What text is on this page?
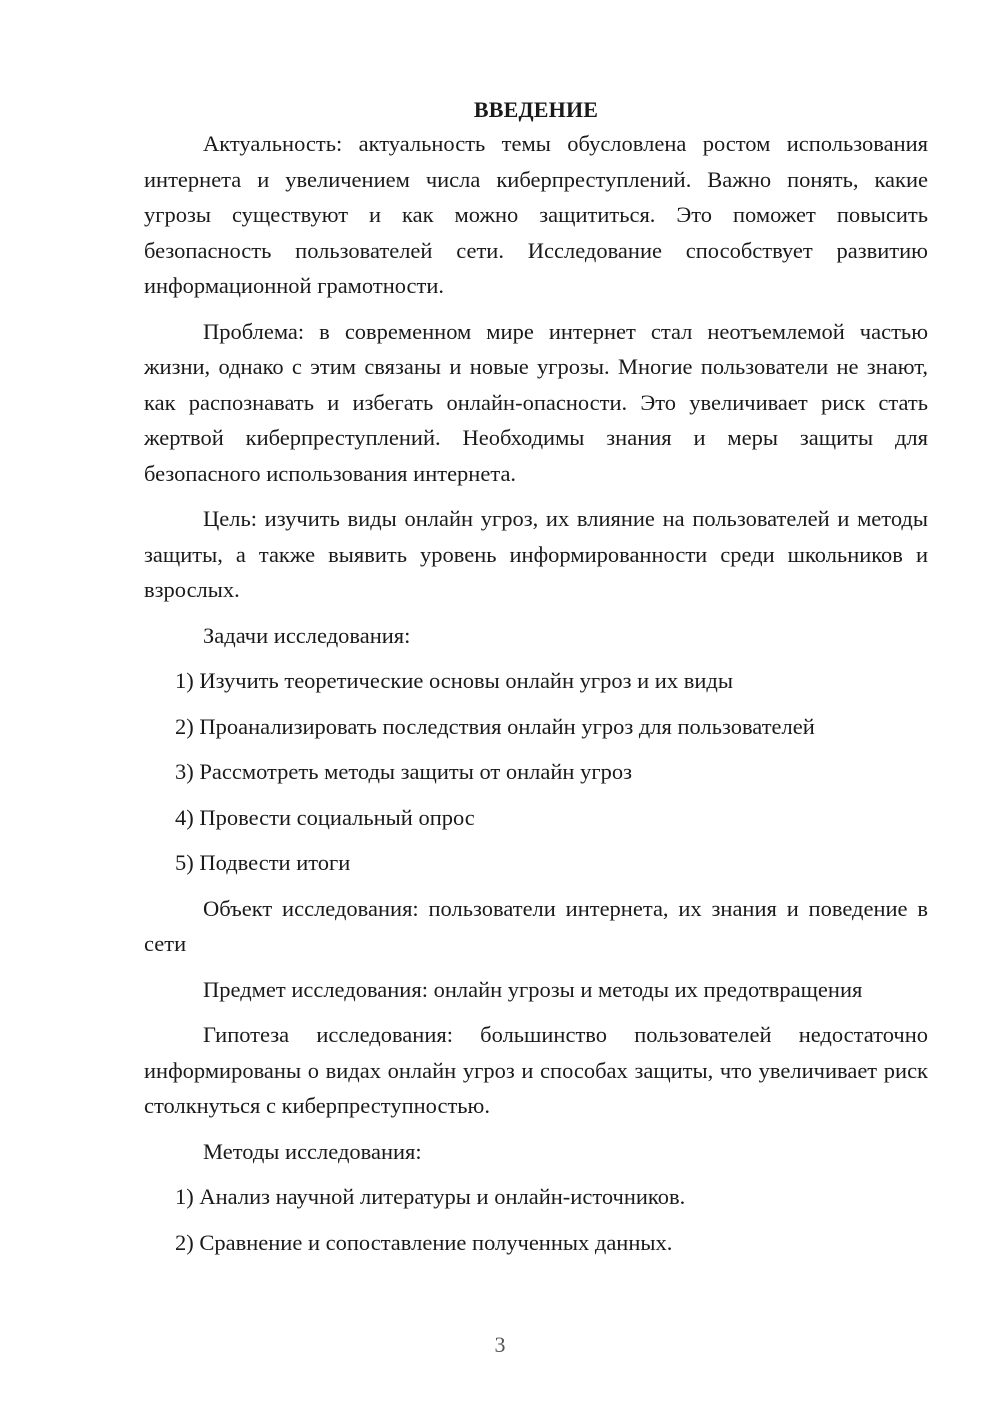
ВВЕДЕНИЕ

Актуальность: актуальность темы обусловлена ростом использования интернета и увеличением числа киберпреступлений. Важно понять, какие угрозы существуют и как можно защититься. Это поможет повысить безопасность пользователей сети. Исследование способствует развитию информационной грамотности.

Проблема: в современном мире интернет стал неотъемлемой частью жизни, однако с этим связаны и новые угрозы. Многие пользователи не знают, как распознавать и избегать онлайн-опасности. Это увеличивает риск стать жертвой киберпреступлений. Необходимы знания и меры защиты для безопасного использования интернета.

Цель: изучить виды онлайн угроз, их влияние на пользователей и методы защиты, а также выявить уровень информированности среди школьников и взрослых.

Задачи исследования:

1) Изучить теоретические основы онлайн угроз и их виды

2) Проанализировать последствия онлайн угроз для пользователей

3) Рассмотреть методы защиты от онлайн угроз

4) Провести социальный опрос

5) Подвести итоги

Объект исследования: пользователи интернета, их знания и поведение в сети

Предмет исследования: онлайн угрозы и методы их предотвращения

Гипотеза исследования: большинство пользователей недостаточно информированы о видах онлайн угроз и способах защиты, что увеличивает риск столкнуться с киберпреступностью.

Методы исследования:

1) Анализ научной литературы и онлайн-источников.

2) Сравнение и сопоставление полученных данных.

3
